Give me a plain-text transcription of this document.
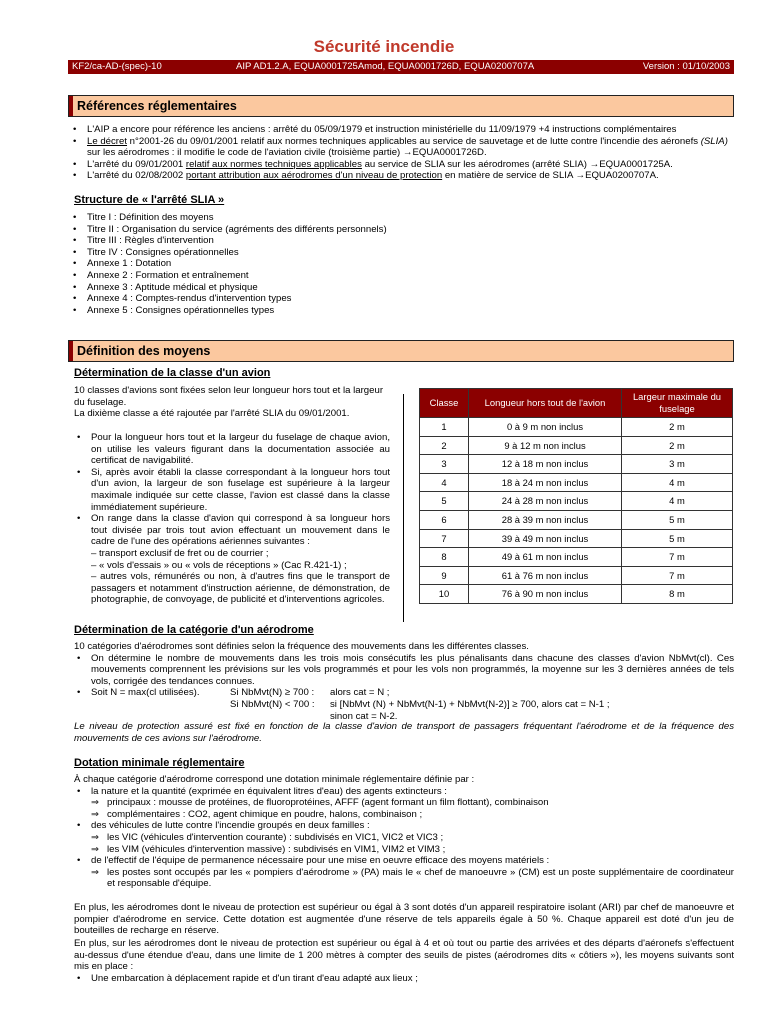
Sécurité incendie
KF2/ca-AD-(spec)-10	AIP AD1.2.A, EQUA0001725Amod, EQUA0001726D, EQUA0200707A	Version : 01/10/2003
Références réglementaires
• L'AIP a encore pour référence les anciens : arrêté du 05/09/1979 et instruction ministérielle du 11/09/1979 +4 instructions complémentaires
• Le décret n°2001-26 du 09/01/2001 relatif aux normes techniques applicables au service de sauvetage et de lutte contre l'incendie des aéronefs (SLIA) sur les aérodromes : il modifie le code de l'aviation civile (troisième partie) →EQUA0001726D.
• L'arrêté du 09/01/2001 relatif aux normes techniques applicables au service de SLIA sur les aérodromes (arrêté SLIA) →EQUA0001725A.
• L'arrêté du 02/08/2002 portant attribution aux aérodromes d'un niveau de protection en matière de service de SLIA →EQUA0200707A.
Structure de « l'arrêté SLIA »
• Titre I : Définition des moyens
• Titre II : Organisation du service (agréments des différents personnels)
• Titre III : Règles d'intervention
• Titre IV : Consignes opérationnelles
• Annexe 1 : Dotation
• Annexe 2 : Formation et entraînement
• Annexe 3 : Aptitude médical et physique
• Annexe 4 : Comptes-rendus d'intervention types
• Annexe 5 : Consignes opérationnelles types
Définition des moyens
Détermination de la classe d'un avion
10 classes d'avions sont fixées selon leur longueur hors tout et la largeur du fuselage.
La dixième classe a été rajoutée par l'arrêté SLIA du 09/01/2001.
• Pour la longueur hors tout et la largeur du fuselage de chaque avion, on utilise les valeurs figurant dans la documentation associée au certificat de navigabilité.
• Si, après avoir établi la classe correspondant à la longueur hors tout d'un avion, la largeur de son fuselage est supérieure à la largeur maximale indiquée sur cette classe, l'avion est classé dans la classe immédiatement supérieure.
• On range dans la classe d'avion qui correspond à sa longueur hors tout divisée par trois tout avion effectuant un mouvement dans le cadre de l'une des opérations aériennes suivantes :
– transport exclusif de fret ou de courrier ;
– « vols d'essais » ou « vols de réceptions » (Cac R.421-1) ;
– autres vols, rémunérés ou non, à d'autres fins que le transport de passagers et notamment d'instruction aérienne, de démonstration, de photographie, de convoyage, de publicité et d'interventions agricoles.
Classe	Longueur hors tout de l'avion	Largeur maximale du fuselage
1	0 à 9 m non inclus	2 m
2	9 à 12 m non inclus	2 m
3	12 à 18 m non inclus	3 m
4	18 à 24 m non inclus	4 m
5	24 à 28 m non inclus	4 m
6	28 à 39 m non inclus	5 m
7	39 à 49 m non inclus	5 m
8	49 à 61 m non inclus	7 m
9	61 à 76 m non inclus	7 m
10	76 à 90 m non inclus	8 m
Détermination de la catégorie d'un aérodrome
10 catégories d'aérodromes sont définies selon la fréquence des mouvements dans les différentes classes.
• On détermine le nombre de mouvements dans les trois mois consécutifs les plus pénalisants dans chacune des classes d'avion NbMvt(cl). Ces mouvements comprennent les prévisions sur les vols programmés et pour les vols non programmés, la moyenne sur les 3 dernières années de tels vols, corrigée des tendances connues.
• Soit N = max(cl utilisées).	Si NbMvt(N) ≥ 700 : alors cat = N ;
Si NbMvt(N) < 700 : si [NbMvt (N) + NbMvt(N-1) + NbMvt(N-2)] ≥ 700, alors cat = N-1 ;
sinon cat = N-2.
Le niveau de protection assuré est fixé en fonction de la classe d'avion de transport de passagers fréquentant l'aérodrome et de la fréquence des mouvements de ces avions sur l'aérodrome.
Dotation minimale réglementaire
À chaque catégorie d'aérodrome correspond une dotation minimale réglementaire définie par :
• la nature et la quantité (exprimée en équivalent litres d'eau) des agents extincteurs :
⇒ principaux : mousse de protéines, de fluoroprotéines, AFFF (agent formant un film flottant), combinaison
⇒ complémentaires : CO2, agent chimique en poudre, halons, combinaison ;
• des véhicules de lutte contre l'incendie groupés en deux familles :
⇒ les VIC (véhicules d'intervention courante) : subdivisés en VIC1, VIC2 et VIC3 ;
⇒ les VIM (véhicules d'intervention massive) : subdivisés en VIM1, VIM2 et VIM3 ;
• de l'effectif de l'équipe de permanence nécessaire pour une mise en oeuvre efficace des moyens matériels :
⇒ les postes sont occupés par les « pompiers d'aérodrome » (PA) mais le « chef de manoeuvre » (CM) est un poste supplémentaire de coordinateur et responsable d'équipe.
En plus, les aérodromes dont le niveau de protection est supérieur ou égal à 3 sont dotés d'un appareil respiratoire isolant (ARI) par chef de manoeuvre et pompier d'aérodrome en service. Cette dotation est augmentée d'une réserve de tels appareils égale à 50 %. Chaque appareil est doté d'un jeu de bouteilles de recharge en réserve.
En plus, sur les aérodromes dont le niveau de protection est supérieur ou égal à 4 et où tout ou partie des arrivées et des départs d'aéronefs s'effectuent au-dessus d'une étendue d'eau, dans une limite de 1 200 mètres à compter des seuils de pistes (aérodromes dits « côtiers »), les moyens suivants sont mis en place :
• Une embarcation à déplacement rapide et d'un tirant d'eau adapté aux lieux ;
